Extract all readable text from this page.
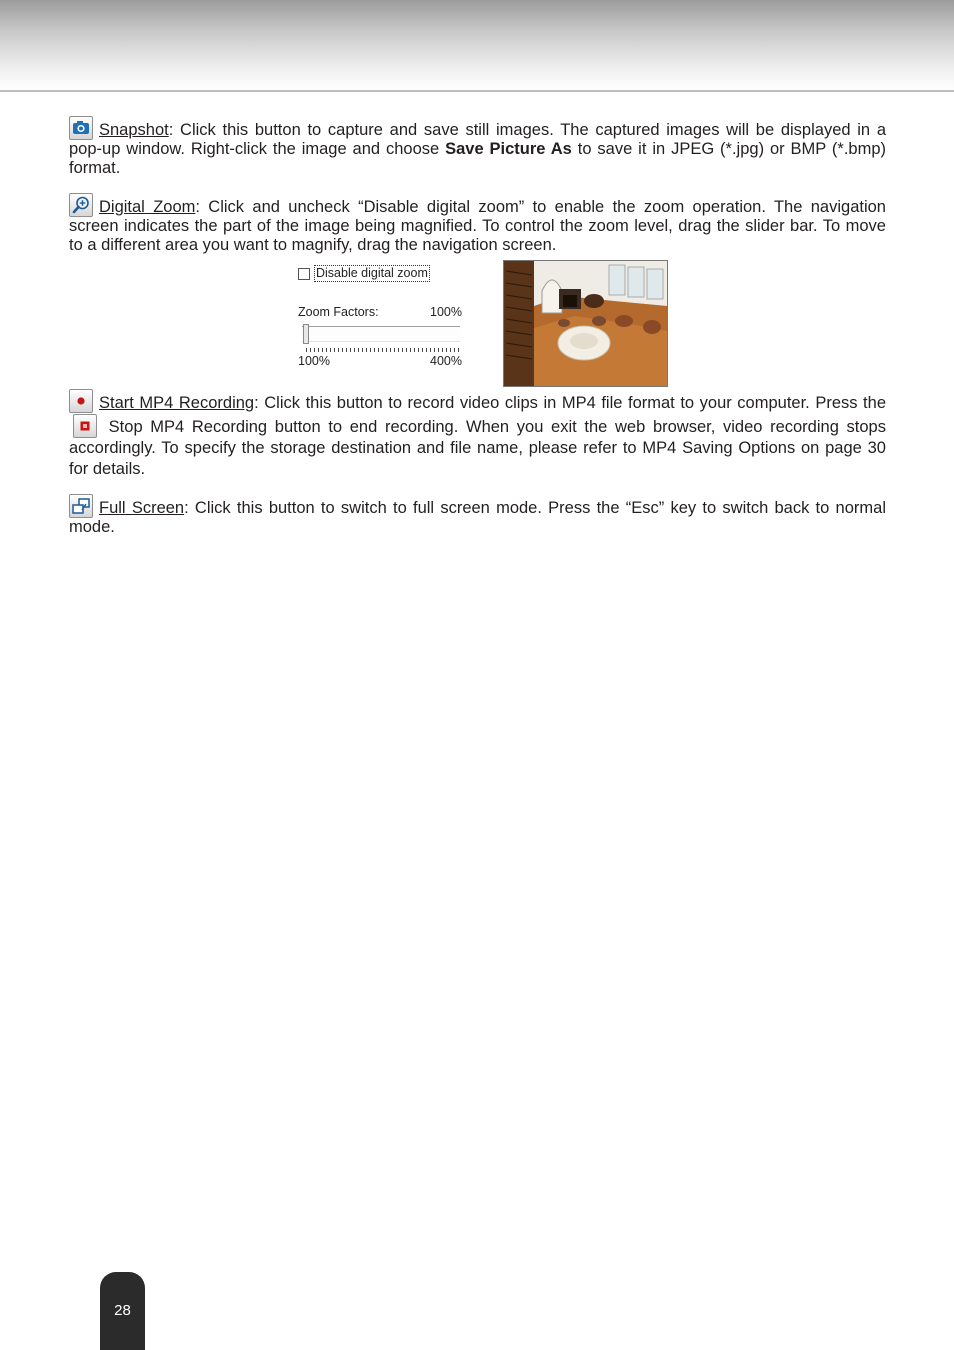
Snapshot: Click this button to capture and save still images. The captured images will be displayed in a pop-up window. Right-click the image and choose Save Picture As to save it in JPEG (*.jpg) or BMP (*.bmp) format.

Digital Zoom: Click and uncheck “Disable digital zoom” to enable the zoom operation. The navigation screen indicates the part of the image being magnified. To control the zoom level, drag the slider bar. To move to a different area you want to magnify, drag the navigation screen.

Disable digital zoom
Zoom Factors:	100%
100%	400%

Start MP4 Recording: Click this button to record video clips in MP4 file format to your computer. Press the
Stop MP4 Recording button to end recording. When you exit the web browser, video recording stops accordingly. To specify the storage destination and file name, please refer to MP4 Saving Options on page 30 for details.

Full Screen: Click this button to switch to full screen mode. Press the “Esc” key to switch back to normal mode.

28
